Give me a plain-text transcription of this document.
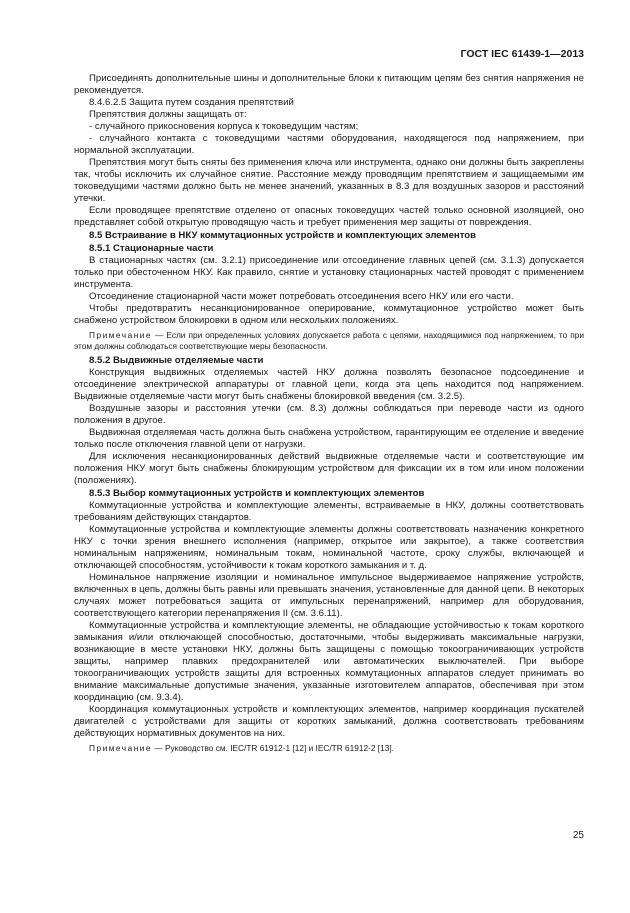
ГОСТ IEC 61439-1—2013

Присоединять дополнительные шины и дополнительные блоки к питающим цепям без снятия напряжения не рекомендуется.

8.4.6.2.5 Защита путем создания препятствий

Препятствия должны защищать от:

- случайного прикосновения корпуса к токоведущим частям;

- случайного контакта с токоведущими частями оборудования, находящегося под напряжением, при нормальной эксплуатации.

Препятствия могут быть сняты без применения ключа или инструмента, однако они должны быть закреплены так, чтобы исключить их случайное снятие. Расстояние между проводящим препятствием и защищаемыми им токоведущими частями должно быть не менее значений, указанных в 8.3 для воздушных зазоров и расстояний утечки.

Если проводящее препятствие отделено от опасных токоведущих частей только основной изоляцией, оно представляет собой открытую проводящую часть и требует применения мер защиты от повреждения.

8.5 Встраивание в НКУ коммутационных устройств и комплектующих элементов

8.5.1 Стационарные части

В стационарных частях (см. 3.2.1) присоединение или отсоединение главных цепей (см. 3.1.3) допускается только при обесточенном НКУ. Как правило, снятие и установку стационарных частей проводят с применением инструмента.

Отсоединение стационарной части может потребовать отсоединения всего НКУ или его части.

Чтобы предотвратить несанкционированное оперирование, коммутационное устройство может быть снабжено устройством блокировки в одном или нескольких положениях.

Примечание — Если при определенных условиях допускается работа с цепями, находящимися под напряжением, то при этом должны соблюдаться соответствующие меры безопасности.

8.5.2 Выдвижные отделяемые части

Конструкция выдвижных отделяемых частей НКУ должна позволять безопасное подсоединение и отсоединение электрической аппаратуры от главной цепи, когда эта цепь находится под напряжением. Выдвижные отделяемые части могут быть снабжены блокировкой введения (см. 3.2.5).

Воздушные зазоры и расстояния утечки (см. 8.3) должны соблюдаться при переводе части из одного положения в другое.

Выдвижная отделяемая часть должна быть снабжена устройством, гарантирующим ее отделение и введение только после отключения главной цепи от нагрузки.

Для исключения несанкционированных действий выдвижные отделяемые части и соответствующие им положения НКУ могут быть снабжены блокирующим устройством для фиксации их в том или ином положении (положениях).

8.5.3 Выбор коммутационных устройств и комплектующих элементов

Коммутационные устройства и комплектующие элементы, встраиваемые в НКУ, должны соответствовать требованиям действующих стандартов.

Коммутационные устройства и комплектующие элементы должны соответствовать назначению конкретного НКУ с точки зрения внешнего исполнения (например, открытое или закрытое), а также соответствия номинальным напряжениям, номинальным токам, номинальной частоте, сроку службы, включающей и отключающей способностям, устойчивости к токам короткого замыкания и т. д.

Номинальное напряжение изоляции и номинальное импульсное выдерживаемое напряжение устройств, включенных в цепь, должны быть равны или превышать значения, установленные для данной цепи. В некоторых случаях может потребоваться защита от импульсных перенапряжений, например для оборудования, соответствующего категории перенапряжения II (см. 3.6.11).

Коммутационные устройства и комплектующие элементы, не обладающие устойчивостью к токам короткого замыкания и/или отключающей способностью, достаточными, чтобы выдерживать максимальные нагрузки, возникающие в месте установки НКУ, должны быть защищены с помощью токоограничивающих устройств защиты, например плавких предохранителей или автоматических выключателей. При выборе токоограничивающих устройств защиты для встроенных коммутационных аппаратов следует принимать во внимание максимальные допустимые значения, указанные изготовителем аппаратов, обеспечивая при этом координацию (см. 9.3.4).

Координация коммутационных устройств и комплектующих элементов, например координация пускателей двигателей с устройствами для защиты от коротких замыканий, должна соответствовать требованиям действующих нормативных документов на них.

Примечание — Руководство см. IEC/TR 61912-1 [12] и IEC/TR 61912-2 [13].

25
